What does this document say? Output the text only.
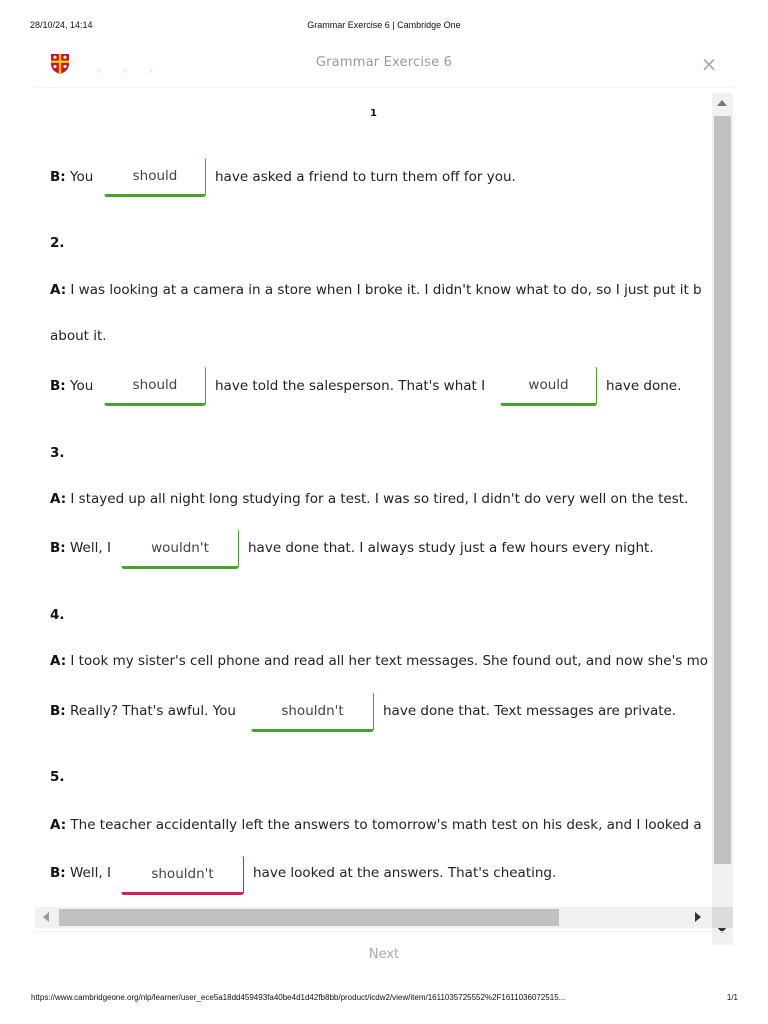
28/10/24, 14:14	Grammar Exercise 6 | Cambridge One
Grammar Exercise 6	×
1
B: You	should	have asked a friend to turn them off for you.
2.
A: I was looking at a camera in a store when I broke it. I didn't know what to do, so I just put it b
about it.
B: You	should	have told the salesperson. That's what I	would	have done.
3.
A: I stayed up all night long studying for a test. I was so tired, I didn't do very well on the test.
B: Well, I	wouldn't	have done that. I always study just a few hours every night.
4.
A: I took my sister's cell phone and read all her text messages. She found out, and now she's mo
B: Really? That's awful. You	shouldn't	have done that. Text messages are private.
5.
A: The teacher accidentally left the answers to tomorrow's math test on his desk, and I looked a
B: Well, I	shouldn't	have looked at the answers. That's cheating.
Next
https://www.cambridgeone.org/nlp/learner/user_ece5a18dd459493fa40be4d1d42fb8bb/product/icdw2/view/item/1611035725552%2F1611036072515...	1/1
